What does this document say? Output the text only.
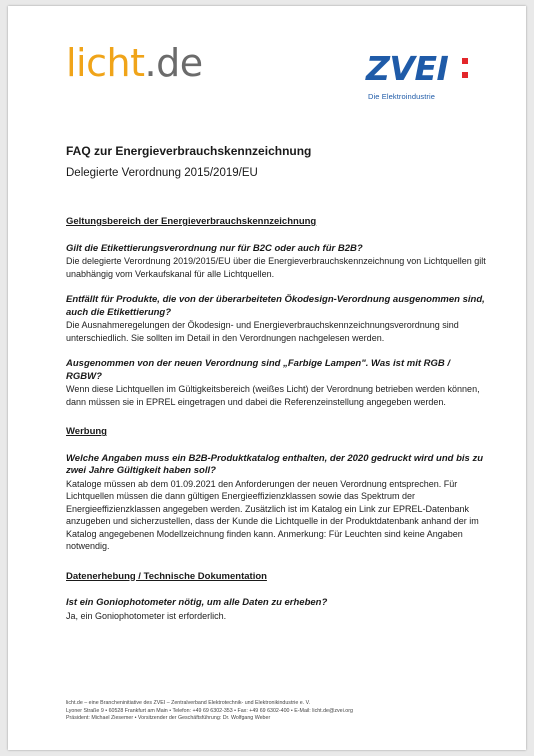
licht.de	ZVEI
Die Elektroindustrie
FAQ zur Energieverbrauchskennzeichnung
Delegierte Verordnung 2015/2019/EU
Geltungsbereich der Energieverbrauchskennzeichnung
Gilt die Etikettierungsverordnung nur für B2C oder auch für B2B?
Die delegierte Verordnung 2019/2015/EU über die Energieverbrauchskennzeichnung von Lichtquellen gilt unabhängig vom Verkaufskanal für alle Lichtquellen.
Entfällt für Produkte, die von der überarbeiteten Ökodesign-Verordnung ausgenommen sind, auch die Etikettierung?
Die Ausnahmeregelungen der Ökodesign- und Energieverbrauchskennzeichnungsverordnung sind unterschiedlich. Sie sollten im Detail in den Verordnungen nachgelesen werden.
Ausgenommen von der neuen Verordnung sind „Farbige Lampen". Was ist mit RGB / RGBW?
Wenn diese Lichtquellen im Gültigkeitsbereich (weißes Licht) der Verordnung betrieben werden können, dann müssen sie in EPREL eingetragen und dabei die Referenzeinstellung angegeben werden.
Werbung
Welche Angaben muss ein B2B-Produktkatalog enthalten, der 2020 gedruckt wird und bis zu zwei Jahre Gültigkeit haben soll?
Kataloge müssen ab dem 01.09.2021 den Anforderungen der neuen Verordnung entsprechen. Für Lichtquellen müssen die dann gültigen Energieeffizienzklassen sowie das Spektrum der Energieeffizienzklassen angegeben werden. Zusätzlich ist im Katalog ein Link zur EPREL-Datenbank anzugeben und sicherzustellen, dass der Kunde die Lichtquelle in der Produktdatenbank anhand der im Katalog angegebenen Modellzeichnung finden kann. Anmerkung: Für Leuchten sind keine Angaben notwendig.
Datenerhebung / Technische Dokumentation
Ist ein Goniophotometer nötig, um alle Daten zu erheben?
Ja, ein Goniophotometer ist erforderlich.
licht.de – eine Brancheninitiative des ZVEI – Zentralverband Elektrotechnik- und Elektronikindustrie e. V.
Lyoner Straße 9 • 60528 Frankfurt am Main • Telefon: +49 69 6302-353 • Fax: +49 69 6302-400 • E-Mail: licht.de@zvei.org
Präsident: Michael Ziesemer • Vorsitzender der Geschäftsführung: Dr. Wolfgang Weber
